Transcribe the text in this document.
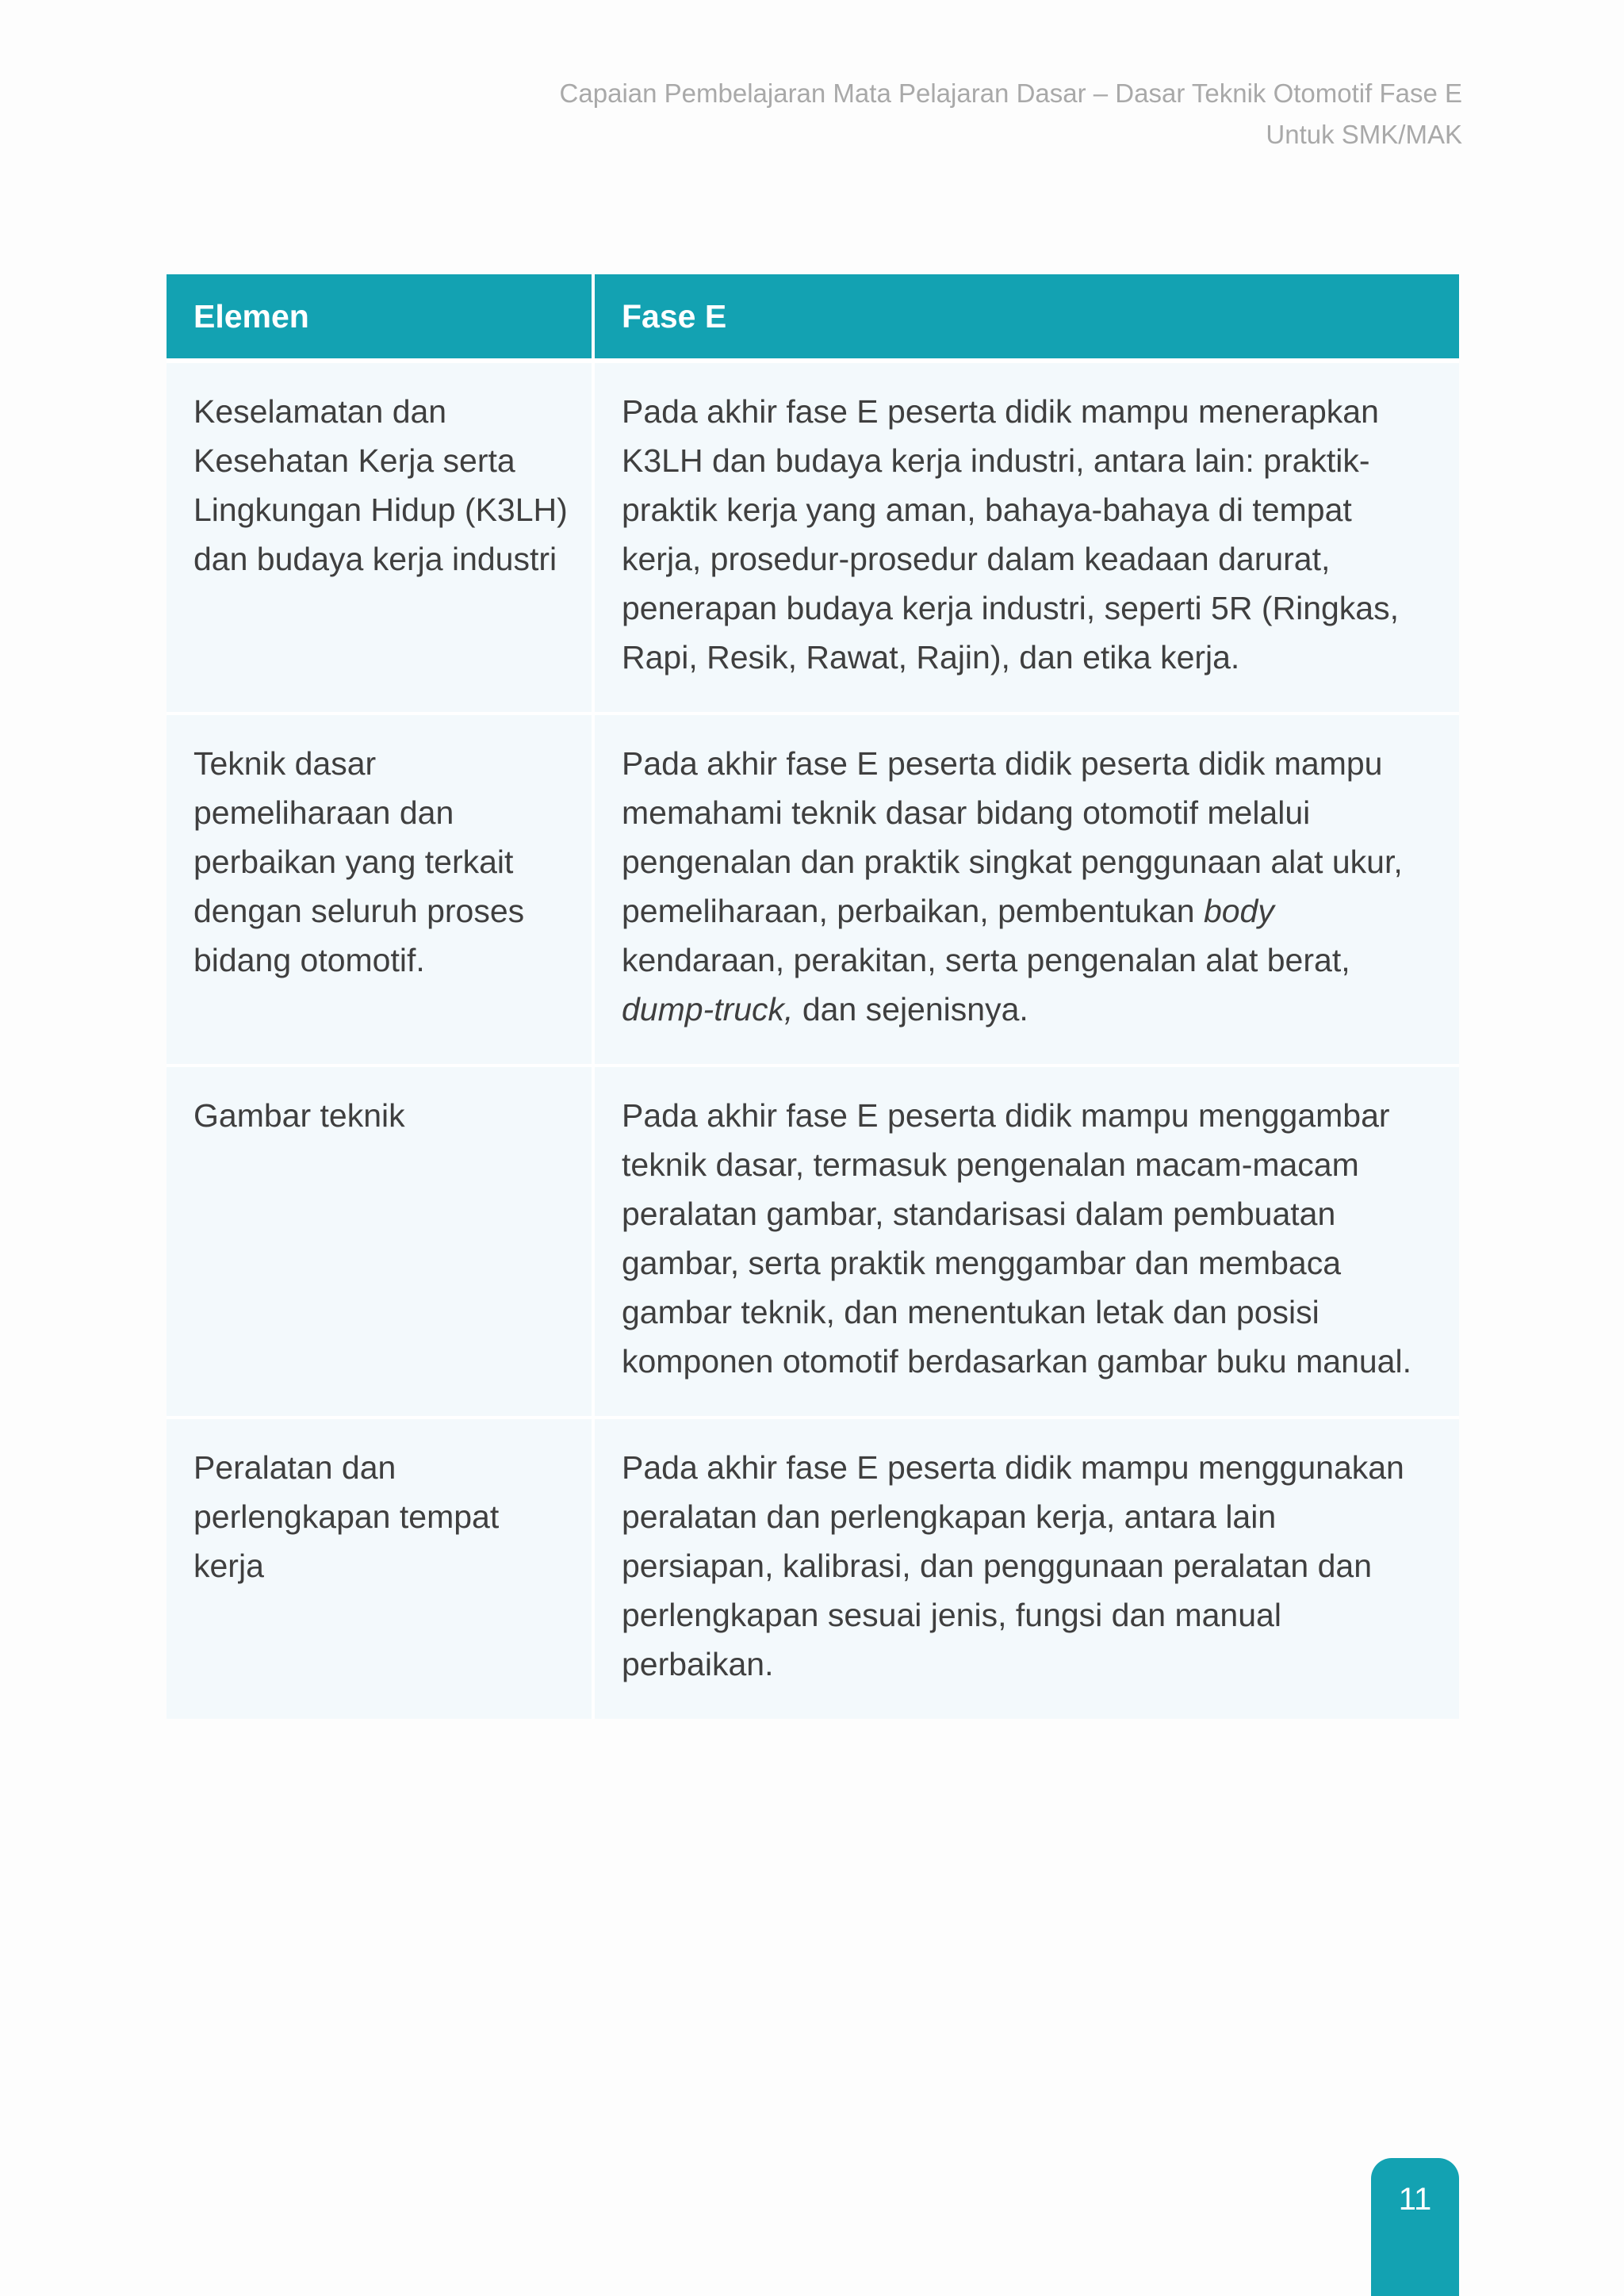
Capaian Pembelajaran Mata Pelajaran Dasar – Dasar Teknik Otomotif Fase E
Untuk SMK/MAK
Elemen	Fase E

Keselamatan dan Kesehatan Kerja serta Lingkungan Hidup (K3LH) dan budaya kerja industri	Pada akhir fase E peserta didik mampu menerapkan K3LH dan budaya kerja industri, antara lain: praktik-praktik kerja yang aman, bahaya-bahaya di tempat kerja, prosedur-prosedur dalam keadaan darurat, penerapan budaya kerja industri, seperti 5R (Ringkas, Rapi, Resik, Rawat, Rajin), dan etika kerja.

Teknik dasar pemeliharaan dan perbaikan yang terkait dengan seluruh proses bidang otomotif.	Pada akhir fase E peserta didik peserta didik mampu memahami teknik dasar bidang otomotif melalui pengenalan dan praktik singkat penggunaan alat ukur, pemeliharaan, perbaikan, pembentukan body kendaraan, perakitan, serta pengenalan alat berat, dump-truck, dan sejenisnya.

Gambar teknik	Pada akhir fase E peserta didik mampu menggambar teknik dasar, termasuk pengenalan macam-macam peralatan gambar, standarisasi dalam pembuatan gambar, serta praktik menggambar dan membaca gambar teknik, dan menentukan letak dan posisi komponen otomotif berdasarkan gambar buku manual.

Peralatan dan perlengkapan tempat kerja	Pada akhir fase E peserta didik mampu menggunakan peralatan dan perlengkapan kerja, antara lain persiapan, kalibrasi, dan penggunaan peralatan dan perlengkapan sesuai jenis, fungsi dan manual perbaikan.
11
